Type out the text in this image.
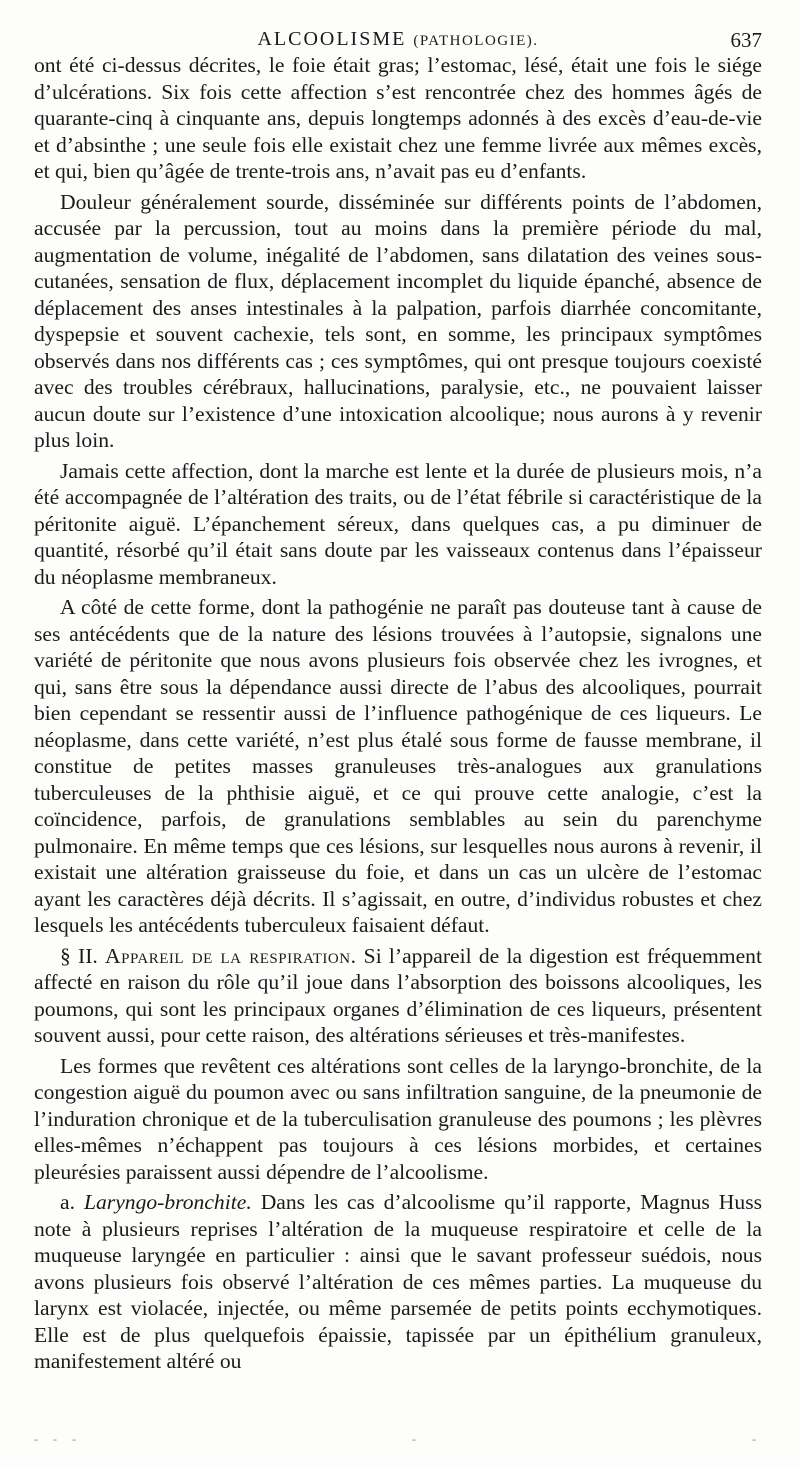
ALCOOLISME (PATHOLOGIE).	637

ont été ci-dessus décrites, le foie était gras; l’estomac, lésé, était une fois le siége d’ulcérations. Six fois cette affection s’est rencontrée chez des hommes âgés de quarante-cinq à cinquante ans, depuis longtemps adonnés à des excès d’eau-de-vie et d’absinthe ; une seule fois elle existait chez une femme livrée aux mêmes excès, et qui, bien qu’âgée de trente-trois ans, n’avait pas eu d’enfants.

Douleur généralement sourde, disséminée sur différents points de l’abdomen, accusée par la percussion, tout au moins dans la première période du mal, augmentation de volume, inégalité de l’abdomen, sans dilatation des veines sous-cutanées, sensation de flux, déplacement incomplet du liquide épanché, absence de déplacement des anses intestinales à la palpation, parfois diarrhée concomitante, dyspepsie et souvent cachexie, tels sont, en somme, les principaux symptômes observés dans nos différents cas ; ces symptômes, qui ont presque toujours coexisté avec des troubles cérébraux, hallucinations, paralysie, etc., ne pouvaient laisser aucun doute sur l’existence d’une intoxication alcoolique; nous aurons à y revenir plus loin.

Jamais cette affection, dont la marche est lente et la durée de plusieurs mois, n’a été accompagnée de l’altération des traits, ou de l’état fébrile si caractéristique de la péritonite aiguë. L’épanchement séreux, dans quelques cas, a pu diminuer de quantité, résorbé qu’il était sans doute par les vaisseaux contenus dans l’épaisseur du néoplasme membraneux.

A côté de cette forme, dont la pathogénie ne paraît pas douteuse tant à cause de ses antécédents que de la nature des lésions trouvées à l’autopsie, signalons une variété de péritonite que nous avons plusieurs fois observée chez les ivrognes, et qui, sans être sous la dépendance aussi directe de l’abus des alcooliques, pourrait bien cependant se ressentir aussi de l’influence pathogénique de ces liqueurs. Le néoplasme, dans cette variété, n’est plus étalé sous forme de fausse membrane, il constitue de petites masses granuleuses très-analogues aux granulations tuberculeuses de la phthisie aiguë, et ce qui prouve cette analogie, c’est la coïncidence, parfois, de granulations semblables au sein du parenchyme pulmonaire. En même temps que ces lésions, sur lesquelles nous aurons à revenir, il existait une altération graisseuse du foie, et dans un cas un ulcère de l’estomac ayant les caractères déjà décrits. Il s’agissait, en outre, d’individus robustes et chez lesquels les antécédents tuberculeux faisaient défaut.

§ II. Appareil de la respiration. Si l’appareil de la digestion est fréquemment affecté en raison du rôle qu’il joue dans l’absorption des boissons alcooliques, les poumons, qui sont les principaux organes d’élimination de ces liqueurs, présentent souvent aussi, pour cette raison, des altérations sérieuses et très-manifestes.

Les formes que revêtent ces altérations sont celles de la laryngo-bronchite, de la congestion aiguë du poumon avec ou sans infiltration sanguine, de la pneumonie de l’induration chronique et de la tuberculisation granuleuse des poumons ; les plèvres elles-mêmes n’échappent pas toujours à ces lésions morbides, et certaines pleurésies paraissent aussi dépendre de l’alcoolisme.

a. Laryngo-bronchite. Dans les cas d’alcoolisme qu’il rapporte, Magnus Huss note à plusieurs reprises l’altération de la muqueuse respiratoire et celle de la muqueuse laryngée en particulier : ainsi que le savant professeur suédois, nous avons plusieurs fois observé l’altération de ces mêmes parties. La muqueuse du larynx est violacée, injectée, ou même parsemée de petits points ecchymotiques. Elle est de plus quelquefois épaissie, tapissée par un épithélium granuleux, manifestement altéré ou

- - -	-	-
